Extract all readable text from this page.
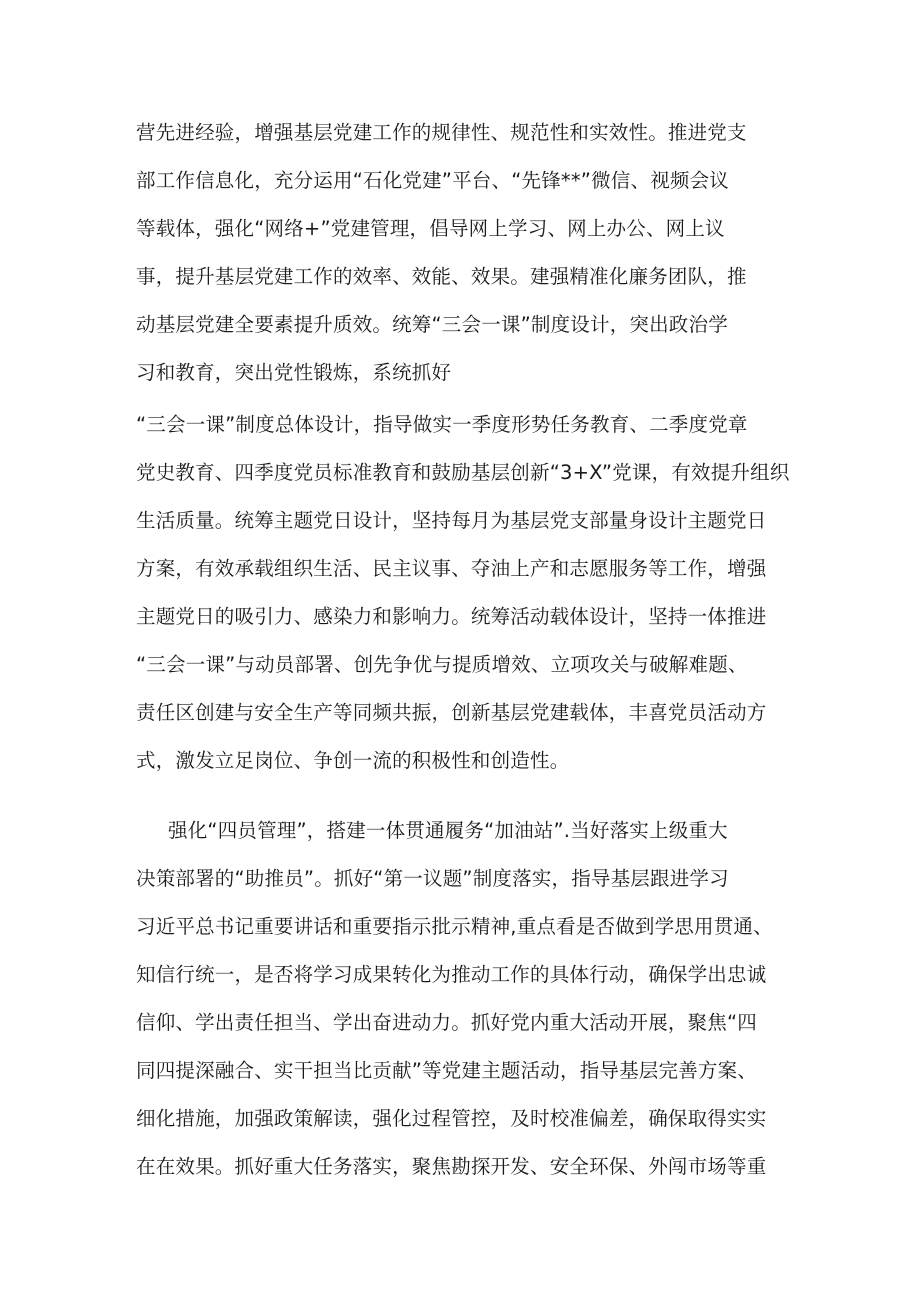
营先进经验，增强基层党建工作的规律性、规范性和实效性。推进党支
部工作信息化，充分运用“石化党建”平台、“先锋**”微信、视频会议
等载体，强化“网络+”党建管理，倡导网上学习、网上办公、网上议
事，提升基层党建工作的效率、效能、效果。建强精准化廉务团队，推
动基层党建全要素提升质效。统筹“三会一课”制度设计，突出政治学
习和教育，突出党性锻炼，系统抓好
“三会一课”制度总体设计，指导做实一季度形势任务教育、二季度党章
党史教育、四季度党员标准教育和鼓励基层创新“3+X”党课，有效提升组织
生活质量。统筹主题党日设计，坚持每月为基层党支部量身设计主题党日
方案，有效承载组织生活、民主议事、夺油上产和志愿服务等工作，增强
主题党日的吸引力、感染力和影响力。统筹活动载体设计，坚持一体推进
“三会一课”与动员部署、创先争优与提质增效、立项攻关与破解难题、
责任区创建与安全生产等同频共振，创新基层党建载体，丰喜党员活动方
式，激发立足岗位、争创一流的积极性和创造性。
强化“四员管理”，搭建一体贯通履务“加油站”.当好落实上级重大
决策部署的“助推员”。抓好“第一议题”制度落实，指导基层跟进学习
习近平总书记重要讲话和重要指示批示精神,重点看是否做到学思用贯通、
知信行统一，是否将学习成果转化为推动工作的具体行动，确保学出忠诚
信仰、学出责任担当、学出奋进动力。抓好党内重大活动开展，聚焦“四
同四提深融合、实干担当比贡献”等党建主题活动，指导基层完善方案、
细化措施，加强政策解读，强化过程管控，及时校准偏差，确保取得实实
在在效果。抓好重大任务落实，聚焦勘探开发、安全环保、外闯市场等重
